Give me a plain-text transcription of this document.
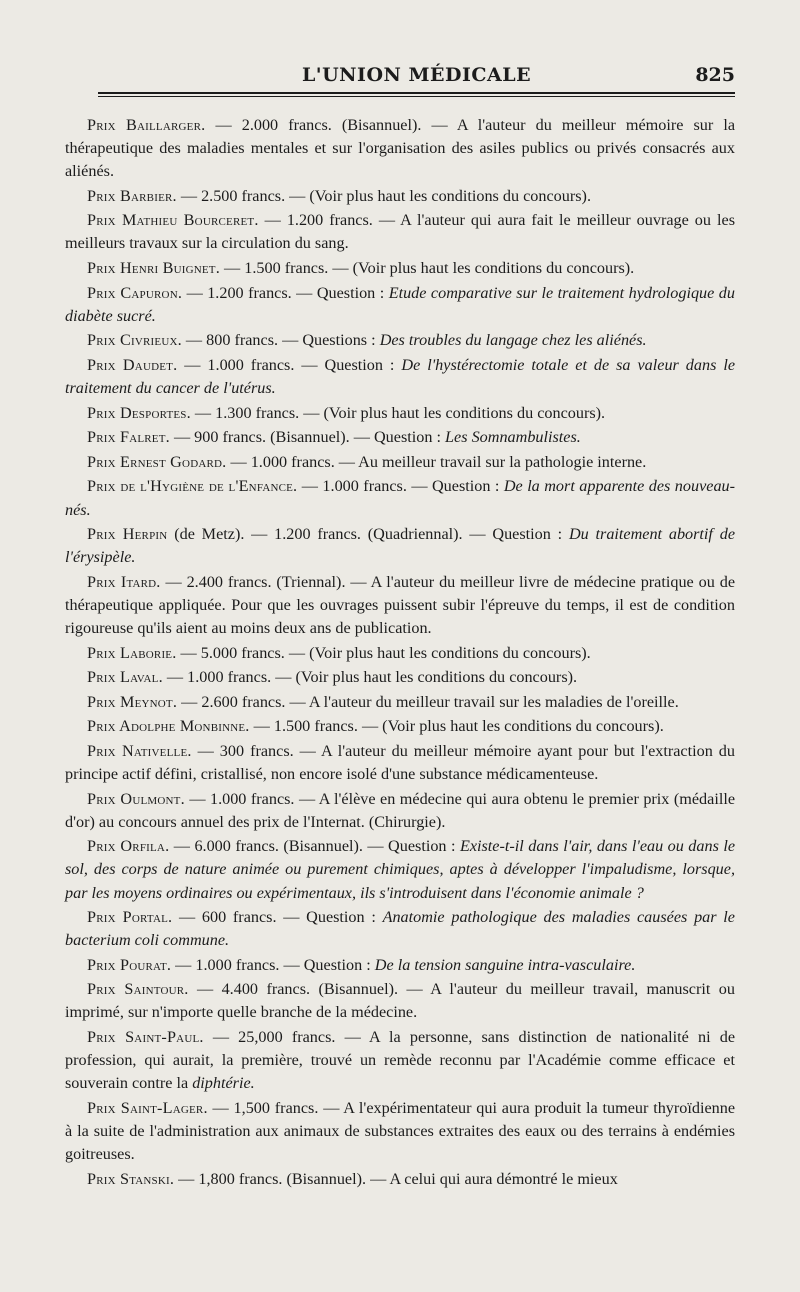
L'UNION MÉDICALE	825

Prix Baillarger. — 2.000 francs. (Bisannuel). — A l'auteur du meilleur mémoire sur la thérapeutique des maladies mentales et sur l'organisation des asiles publics ou privés consacrés aux aliénés.

Prix Barbier. — 2.500 francs. — (Voir plus haut les conditions du concours).

Prix Mathieu Bourceret. — 1.200 francs. — A l'auteur qui aura fait le meilleur ouvrage ou les meilleurs travaux sur la circulation du sang.

Prix Henri Buignet. — 1.500 francs. — (Voir plus haut les conditions du concours).

Prix Capuron. — 1.200 francs. — Question : Etude comparative sur le traitement hydrologique du diabète sucré.

Prix Civrieux. — 800 francs. — Questions : Des troubles du langage chez les aliénés.

Prix Daudet. — 1.000 francs. — Question : De l'hystérectomie totale et de sa valeur dans le traitement du cancer de l'utérus.

Prix Desportes. — 1.300 francs. — (Voir plus haut les conditions du concours).

Prix Falret. — 900 francs. (Bisannuel). — Question : Les Somnambulistes.

Prix Ernest Godard. — 1.000 francs. — Au meilleur travail sur la pathologie interne.

Prix de l'Hygiène de l'Enfance. — 1.000 francs. — Question : De la mort apparente des nouveau-nés.

Prix Herpin (de Metz). — 1.200 francs. (Quadriennal). — Question : Du traitement abortif de l'érysipèle.

Prix Itard. — 2.400 francs. (Triennal). — A l'auteur du meilleur livre de médecine pratique ou de thérapeutique appliquée. Pour que les ouvrages puissent subir l'épreuve du temps, il est de condition rigoureuse qu'ils aient au moins deux ans de publication.

Prix Laborie. — 5.000 francs. — (Voir plus haut les conditions du concours).

Prix Laval. — 1.000 francs. — (Voir plus haut les conditions du concours).

Prix Meynot. — 2.600 francs. — A l'auteur du meilleur travail sur les maladies de l'oreille.

Prix Adolphe Monbinne. — 1.500 francs. — (Voir plus haut les conditions du concours).

Prix Nativelle. — 300 francs. — A l'auteur du meilleur mémoire ayant pour but l'extraction du principe actif défini, cristallisé, non encore isolé d'une substance médicamenteuse.

Prix Oulmont. — 1.000 francs. — A l'élève en médecine qui aura obtenu le premier prix (médaille d'or) au concours annuel des prix de l'Internat. (Chirurgie).

Prix Orfila. — 6.000 francs. (Bisannuel). — Question : Existe-t-il dans l'air, dans l'eau ou dans le sol, des corps de nature animée ou purement chimiques, aptes à développer l'impaludisme, lorsque, par les moyens ordinaires ou expérimentaux, ils s'introduisent dans l'économie animale ?

Prix Portal. — 600 francs. — Question : Anatomie pathologique des maladies causées par le bacterium coli commune.

Prix Pourat. — 1.000 francs. — Question : De la tension sanguine intra-vasculaire.

Prix Saintour. — 4.400 francs. (Bisannuel). — A l'auteur du meilleur travail, manuscrit ou imprimé, sur n'importe quelle branche de la médecine.

Prix Saint-Paul. — 25,000 francs. — A la personne, sans distinction de nationalité ni de profession, qui aurait, la première, trouvé un remède reconnu par l'Académie comme efficace et souverain contre la diphtérie.

Prix Saint-Lager. — 1,500 francs. — A l'expérimentateur qui aura produit la tumeur thyroïdienne à la suite de l'administration aux animaux de substances extraites des eaux ou des terrains à endémies goitreuses.

Prix Stanski. — 1,800 francs. (Bisannuel). — A celui qui aura démontré le mieux
